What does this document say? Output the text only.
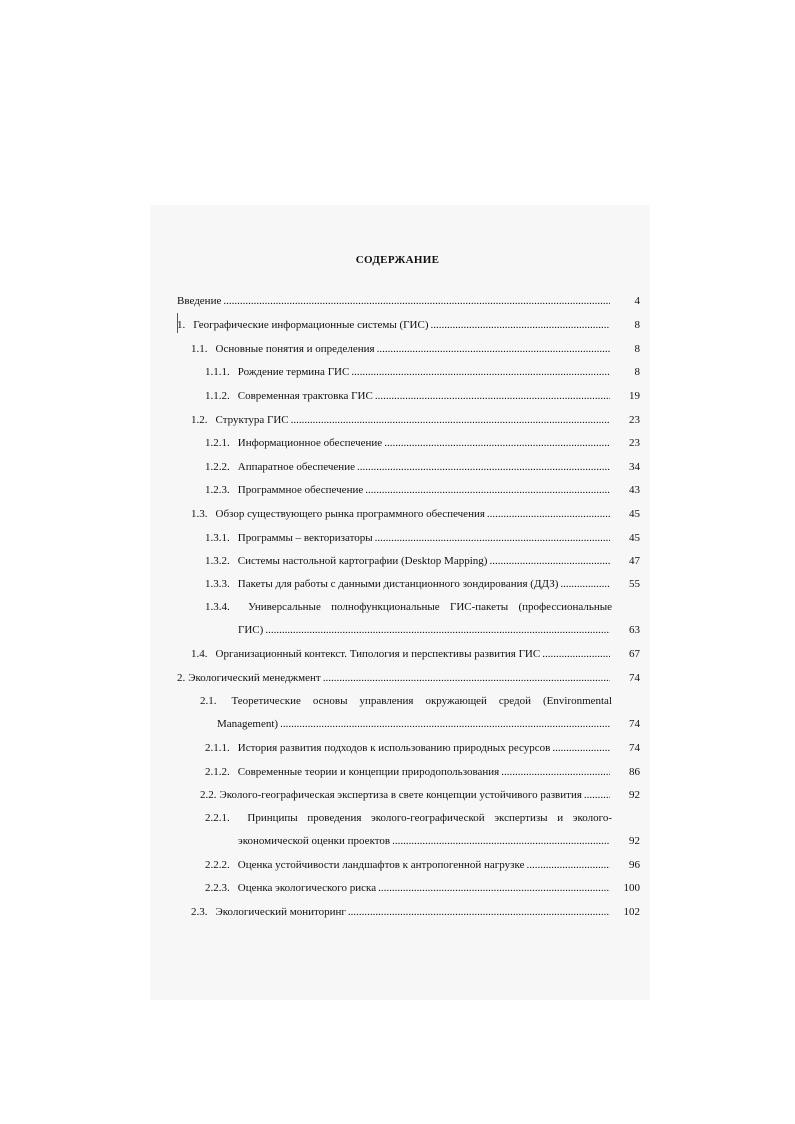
СОДЕРЖАНИЕ
Введение .....	4
1. Географические информационные системы (ГИС) .....	8
1.1. Основные понятия и определения .....	8
1.1.1. Рождение термина ГИС .....	8
1.1.2. Современная трактовка ГИС .....	19
1.2. Структура ГИС .....	23
1.2.1. Информационное обеспечение .....	23
1.2.2. Аппаратное обеспечение .....	34
1.2.3. Программное обеспечение .....	43
1.3. Обзор существующего рынка программного обеспечения .....	45
1.3.1. Программы – векторизаторы .....	45
1.3.2. Системы настольной картографии (Desktop Mapping) .....	47
1.3.3. Пакеты для работы с данными дистанционного зондирования (ДДЗ) .....	55
1.3.4. Универсальные полнофункциональные ГИС-пакеты (профессиональные
ГИС) .....	63
1.4. Организационный контекст. Типология и перспективы развития ГИС .....	67
2. Экологический менеджмент .....	74
2.1. Теоретические основы управления окружающей средой (Environmental
Management) .....	74
2.1.1. История развития подходов к использованию природных ресурсов .....	74
2.1.2. Современные теории и концепции природопользования .....	86
2.2. Эколого-географическая экспертиза в свете концепции устойчивого развития .....	92
2.2.1. Принципы проведения эколого-географической экспертизы и эколого-
экономической оценки проектов .....	92
2.2.2. Оценка устойчивости ландшафтов к антропогенной нагрузке .....	96
2.2.3. Оценка экологического риска .....	100
2.3. Экологический мониторинг .....	102
